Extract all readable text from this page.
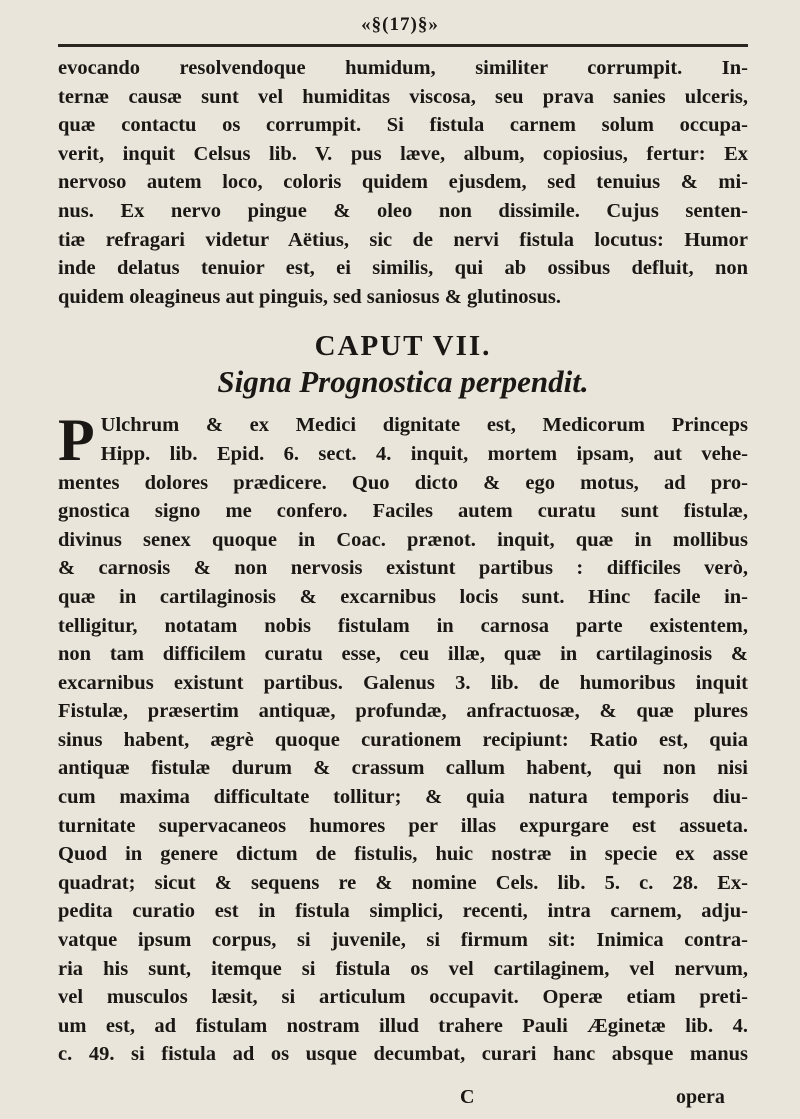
«§(17)§»
evocando resolvendoque humidum, similiter corrumpit. In-
ternæ causæ sunt vel humiditas viscosa, seu prava sanies ulceris,
quæ contactu os corrumpit. Si fistula carnem solum occupa-
verit, inquit Celsus lib. V. pus læve, album, copiosius, fertur: Ex
nervoso autem loco, coloris quidem ejusdem, sed tenuius & mi-
nus. Ex nervo pingue & oleo non dissimile. Cujus senten-
tiæ refragari videtur Aëtius, sic de nervi fistula locutus: Humor
inde delatus tenuior est, ei similis, qui ab ossibus defluit, non
quidem oleagineus aut pinguis, sed saniosus & glutinosus.
CAPUT VII.
Signa Prognostica perpendit.
P Ulchrum & ex Medici dignitate est, Medicorum Princeps
Hipp. lib. Epid. 6. sect. 4. inquit, mortem ipsam, aut vehe-
mentes dolores prædicere. Quo dicto & ego motus, ad pro-
gnostica signo me confero. Faciles autem curatu sunt fistulæ,
divinus senex quoque in Coac. prænot. inquit, quæ in mollibus
& carnosis & non nervosis existunt partibus : difficiles verò,
quæ in cartilaginosis & excarnibus locis sunt. Hinc facile in-
telligitur, notatam nobis fistulam in carnosa parte existentem,
non tam difficilem curatu esse, ceu illæ, quæ in cartilaginosis &
excarnibus existunt partibus. Galenus 3. lib. de humoribus inquit
Fistulæ, præsertim antiquæ, profundæ, anfractuosæ, & quæ plures
sinus habent, ægrè quoque curationem recipiunt: Ratio est, quia
antiquæ fistulæ durum & crassum callum habent, qui non nisi
cum maxima difficultate tollitur; & quia natura temporis diu-
turnitate supervacaneos humores per illas expurgare est assueta.
Quod in genere dictum de fistulis, huic nostræ in specie ex asse
quadrat; sicut & sequens re & nomine Cels. lib. 5. c. 28. Ex-
pedita curatio est in fistula simplici, recenti, intra carnem, adju-
vatque ipsum corpus, si juvenile, si firmum sit: Inimica contra-
ria his sunt, itemque si fistula os vel cartilaginem, vel nervum,
vel musculos læsit, si articulum occupavit. Operæ etiam preti-
um est, ad fistulam nostram illud trahere Pauli Æginetæ lib. 4.
c. 49. si fistula ad os usque decumbat, curari hanc absque manus
C	opera
